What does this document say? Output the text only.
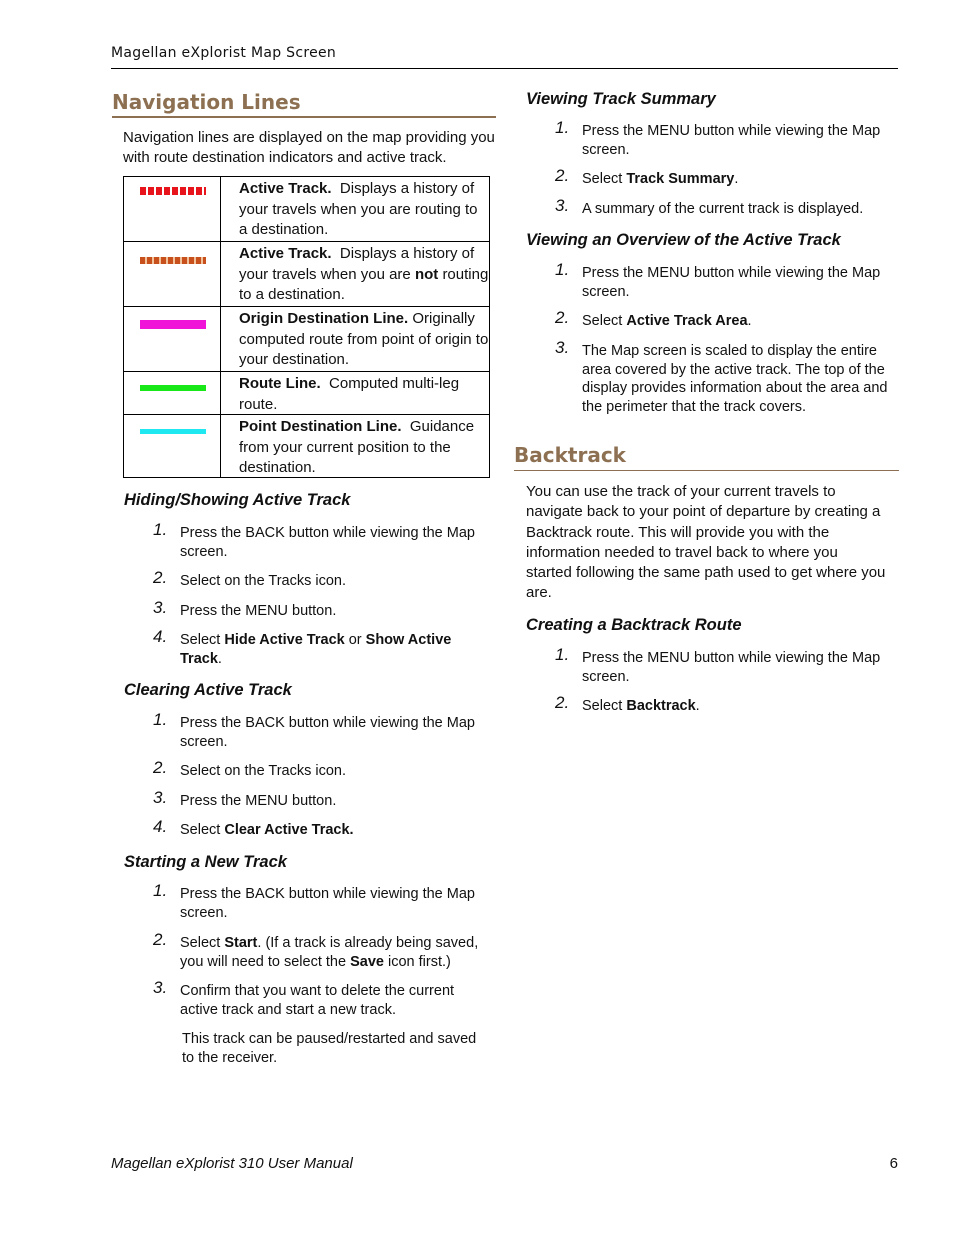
Magellan eXplorist Map Screen
Navigation Lines
Navigation lines are displayed on the map providing you with route destination indicators and active track.
Active Track. Displays a history of your travels when you are routing to a destination.
Active Track. Displays a history of your travels when you are not routing to a destination.
Origin Destination Line. Originally computed route from point of origin to your destination.
Route Line. Computed multi-leg route.
Point Destination Line. Guidance from your current position to the destination.
Hiding/Showing Active Track
1. Press the BACK button while viewing the Map screen.
2. Select on the Tracks icon.
3. Press the MENU button.
4. Select Hide Active Track or Show Active Track.
Clearing Active Track
1. Press the BACK button while viewing the Map screen.
2. Select on the Tracks icon.
3. Press the MENU button.
4. Select Clear Active Track.
Starting a New Track
1. Press the BACK button while viewing the Map screen.
2. Select Start. (If a track is already being saved, you will need to select the Save icon first.)
3. Confirm that you want to delete the current active track and start a new track.
This track can be paused/restarted and saved to the receiver.
Viewing Track Summary
1. Press the MENU button while viewing the Map screen.
2. Select Track Summary.
3. A summary of the current track is displayed.
Viewing an Overview of the Active Track
1. Press the MENU button while viewing the Map screen.
2. Select Active Track Area.
3. The Map screen is scaled to display the entire area covered by the active track. The top of the display provides information about the area and the perimeter that the track covers.
Backtrack
You can use the track of your current travels to navigate back to your point of departure by creating a Backtrack route. This will provide you with the information needed to travel back to where you started following the same path used to get where you are.
Creating a Backtrack Route
1. Press the MENU button while viewing the Map screen.
2. Select Backtrack.
Magellan eXplorist 310 User Manual	6
